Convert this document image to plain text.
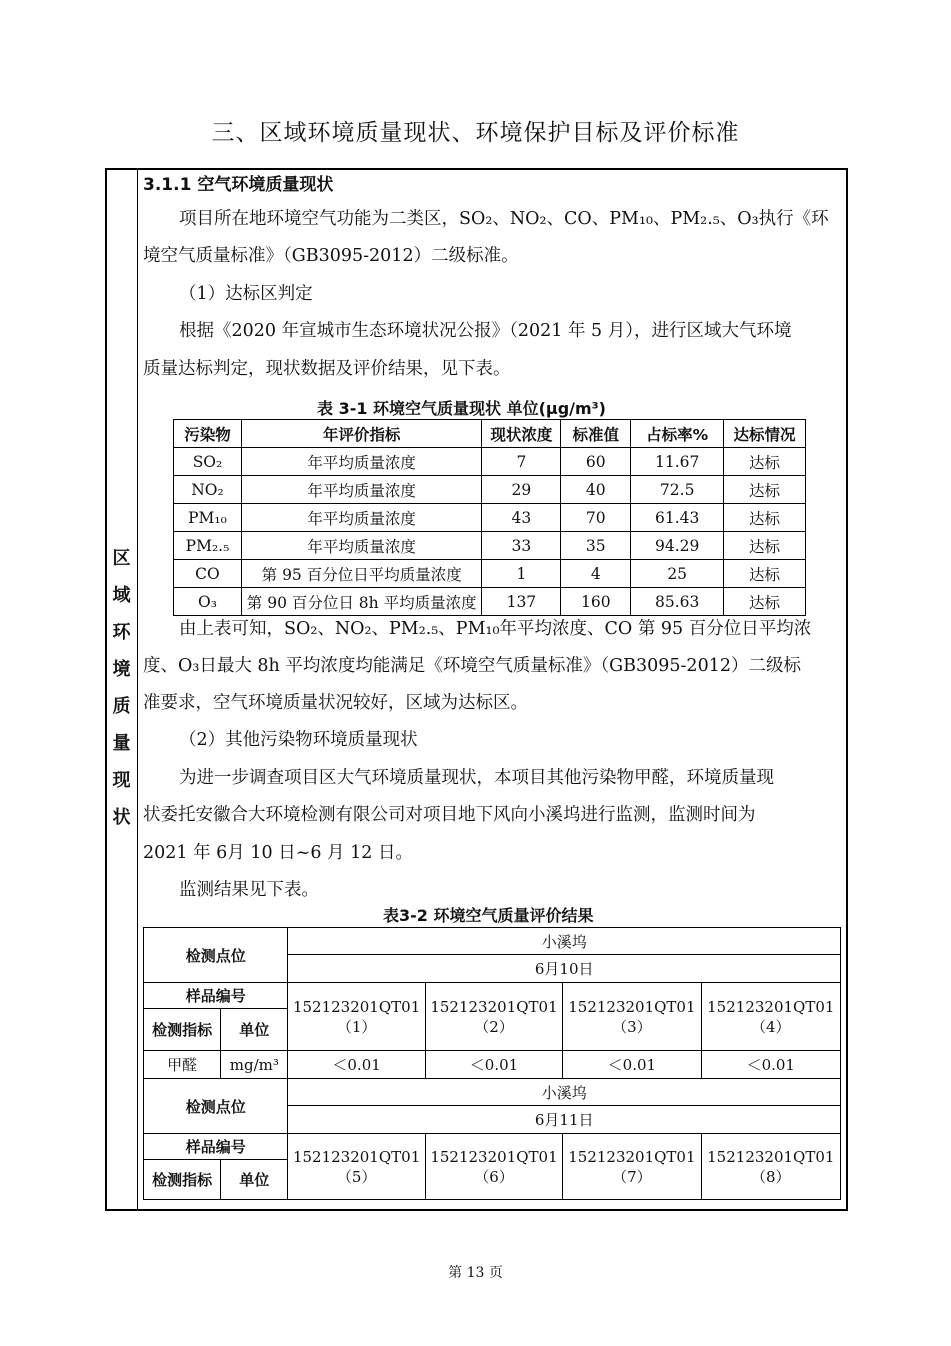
三、区域环境质量现状、环境保护目标及评价标准
区
域
环
境
质
量
现
状
3.1.1 空气环境质量现状
项目所在地环境空气功能为二类区，SO₂、NO₂、CO、PM₁₀、PM₂.₅、O₃执行《环
境空气质量标准》（GB3095-2012）二级标准。
（1）达标区判定
根据《2020 年宣城市生态环境状况公报》（2021 年 5 月），进行区域大气环境
质量达标判定，现状数据及评价结果，见下表。
表 3-1 环境空气质量现状 单位(μg/m³)
污染物	年评价指标	现状浓度	标准值	占标率%	达标情况
SO₂	年平均质量浓度	7	60	11.67	达标
NO₂	年平均质量浓度	29	40	72.5	达标
PM₁₀	年平均质量浓度	43	70	61.43	达标
PM₂.₅	年平均质量浓度	33	35	94.29	达标
CO	第 95 百分位日平均质量浓度	1	4	25	达标
O₃	第 90 百分位日 8h 平均质量浓度	137	160	85.63	达标
由上表可知，SO₂、NO₂、PM₂.₅、PM₁₀年平均浓度、CO 第 95 百分位日平均浓
度、O₃日最大 8h 平均浓度均能满足《环境空气质量标准》（GB3095-2012）二级标
准要求，空气环境质量状况较好，区域为达标区。
（2）其他污染物环境质量现状
为进一步调查项目区大气环境质量现状，本项目其他污染物甲醛，环境质量现
状委托安徽合大环境检测有限公司对项目地下风向小溪坞进行监测，监测时间为
2021 年 6月 10 日~6 月 12 日。
监测结果见下表。
表3-2 环境空气质量评价结果
检测点位		小溪坞			
		6月10日			
样品编号		152123201QT01（1）	152123201QT01（2）	152123201QT01（3）	152123201QT01（4）
检测指标	单位				
甲醛	mg/m³	＜0.01	＜0.01	＜0.01	＜0.01
检测点位		小溪坞			
		6月11日			
样品编号		152123201QT01（5）	152123201QT01（6）	152123201QT01（7）	152123201QT01（8）
检测指标	单位				
第 13 页
